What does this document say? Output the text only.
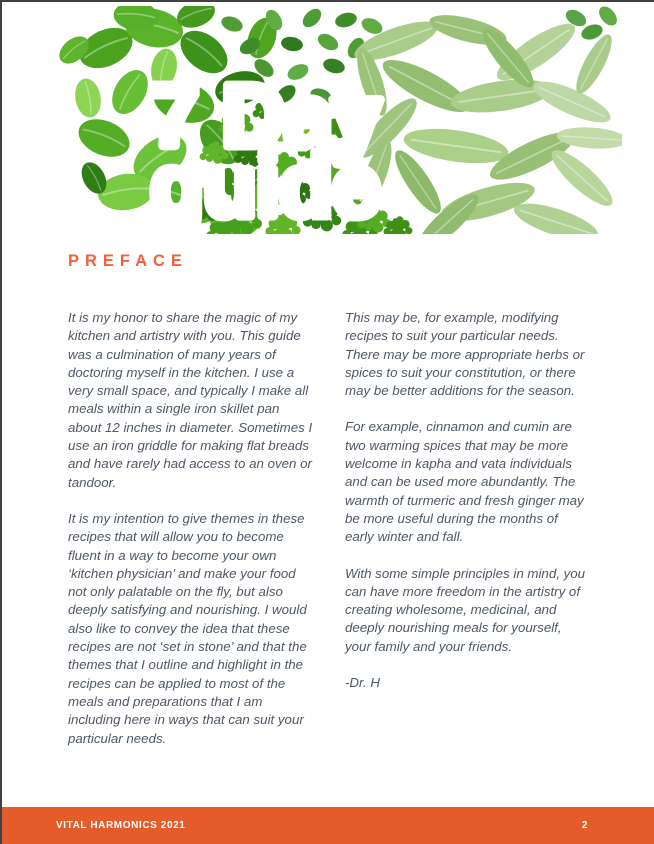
7 Day
guide
PREFACE

It is my honor to share the magic of my kitchen and artistry with you. This guide was a culmination of many years of doctoring myself in the kitchen. I use a very small space, and typically I make all meals within a single iron skillet pan about 12 inches in diameter. Sometimes I use an iron griddle for making flat breads and have rarely had access to an oven or tandoor.

It is my intention to give themes in these recipes that will allow you to become fluent in a way to become your own ‘kitchen physician’ and make your food not only palatable on the fly, but also deeply satisfying and nourishing. I would also like to convey the idea that these recipes are not ‘set in stone’ and that the themes that I outline and highlight in the recipes can be applied to most of the meals and preparations that I am including here in ways that can suit your particular needs.

This may be, for example, modifying recipes to suit your particular needs. There may be more appropriate herbs or spices to suit your constitution, or there may be better additions for the season.

For example, cinnamon and cumin are two warming spices that may be more welcome in kapha and vata individuals and can be used more abundantly. The warmth of turmeric and fresh ginger may be more useful during the months of early winter and fall.

With some simple principles in mind, you can have more freedom in the artistry of creating wholesome, medicinal, and deeply nourishing meals for yourself, your family and your friends.

-Dr. H

VITAL HARMONICS 2021	2
